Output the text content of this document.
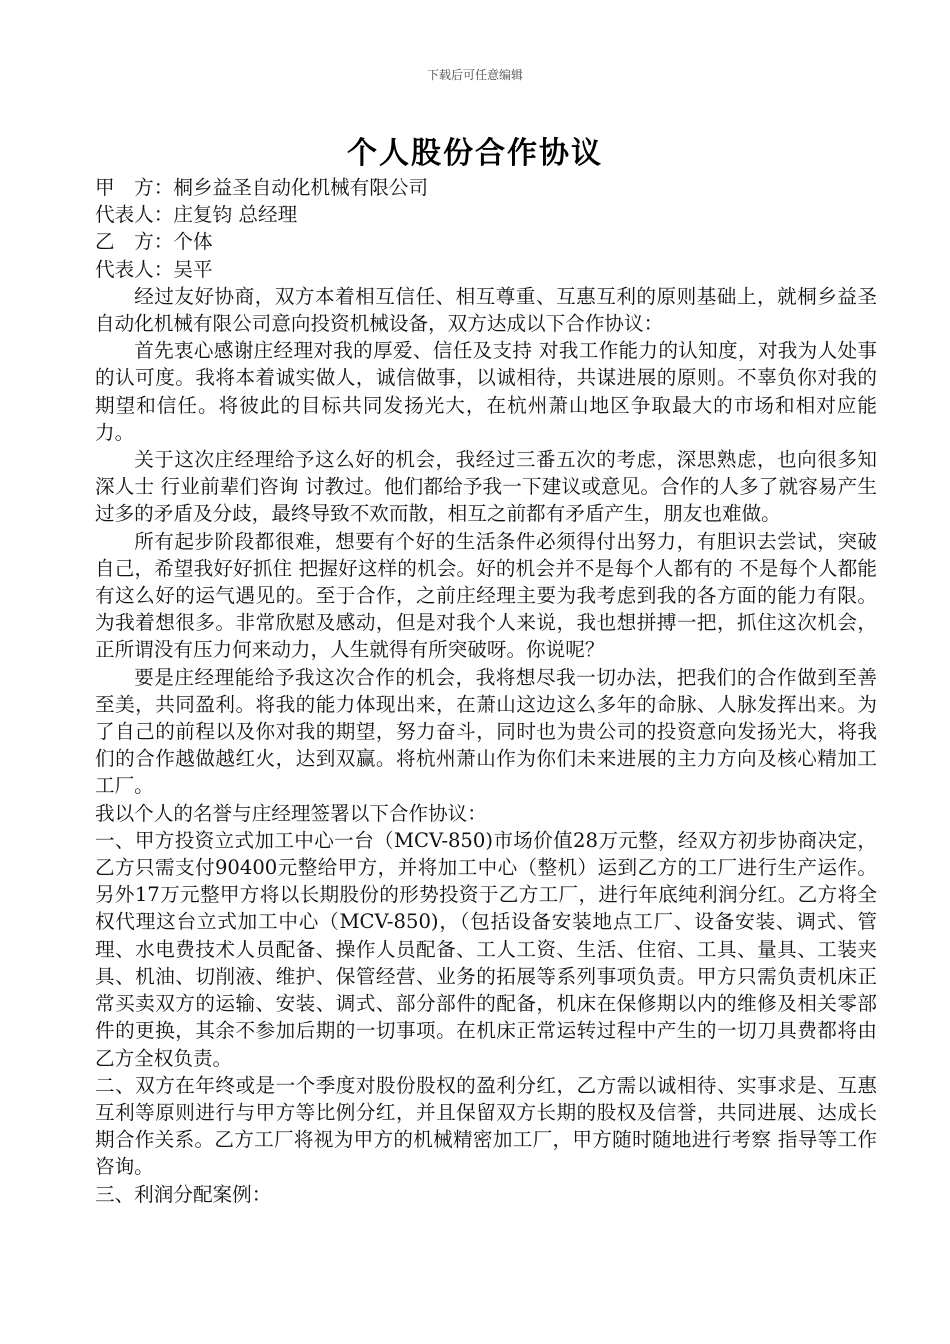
下载后可任意编辑
个人股份合作协议

甲　方：桐乡益圣自动化机械有限公司

代表人：庄复钧 总经理

乙　方：个体

代表人：吴平

经过友好协商，双方本着相互信任、相互尊重、互惠互利的原则基础上，就桐乡益圣自动化机械有限公司意向投资机械设备，双方达成以下合作协议：

首先衷心感谢庄经理对我的厚爱、信任及支持 对我工作能力的认知度，对我为人处事的认可度。我将本着诚实做人，诚信做事，以诚相待，共谋进展的原则。不辜负你对我的期望和信任。将彼此的目标共同发扬光大，在杭州萧山地区争取最大的市场和相对应能力。

关于这次庄经理给予这么好的机会，我经过三番五次的考虑，深思熟虑，也向很多知深人士 行业前辈们咨询 讨教过。他们都给予我一下建议或意见。合作的人多了就容易产生过多的矛盾及分歧，最终导致不欢而散，相互之前都有矛盾产生，朋友也难做。

所有起步阶段都很难，想要有个好的生活条件必须得付出努力，有胆识去尝试，突破自己，希望我好好抓住 把握好这样的机会。好的机会并不是每个人都有的 不是每个人都能有这么好的运气遇见的。至于合作，之前庄经理主要为我考虑到我的各方面的能力有限。为我着想很多。非常欣慰及感动，但是对我个人来说，我也想拼搏一把，抓住这次机会，正所谓没有压力何来动力，人生就得有所突破呀。你说呢？

要是庄经理能给予我这次合作的机会，我将想尽我一切办法，把我们的合作做到至善至美，共同盈利。将我的能力体现出来，在萧山这边这么多年的命脉、人脉发挥出来。为了自己的前程以及你对我的期望，努力奋斗，同时也为贵公司的投资意向发扬光大，将我们的合作越做越红火，达到双赢。将杭州萧山作为你们未来进展的主力方向及核心精加工工厂。

我以个人的名誉与庄经理签署以下合作协议：

一、甲方投资立式加工中心一台（MCV-850)市场价值28万元整，经双方初步协商决定，乙方只需支付90400元整给甲方，并将加工中心（整机）运到乙方的工厂进行生产运作。另外17万元整甲方将以长期股份的形势投资于乙方工厂，进行年底纯利润分红。乙方将全权代理这台立式加工中心（MCV-850)，（包括设备安装地点工厂、设备安装、调式、管理、水电费技术人员配备、操作人员配备、工人工资、生活、住宿、工具、量具、工装夹具、机油、切削液、维护、保管经营、业务的拓展等系列事项负责。甲方只需负责机床正常买卖双方的运输、安装、调式、部分部件的配备，机床在保修期以内的维修及相关零部件的更换，其余不参加后期的一切事项。在机床正常运转过程中产生的一切刀具费都将由乙方全权负责。

二、双方在年终或是一个季度对股份股权的盈利分红，乙方需以诚相待、实事求是、互惠互利等原则进行与甲方等比例分红，并且保留双方长期的股权及信誉，共同进展、达成长期合作关系。乙方工厂将视为甲方的机械精密加工厂，甲方随时随地进行考察 指导等工作咨询。

三、利润分配案例：
